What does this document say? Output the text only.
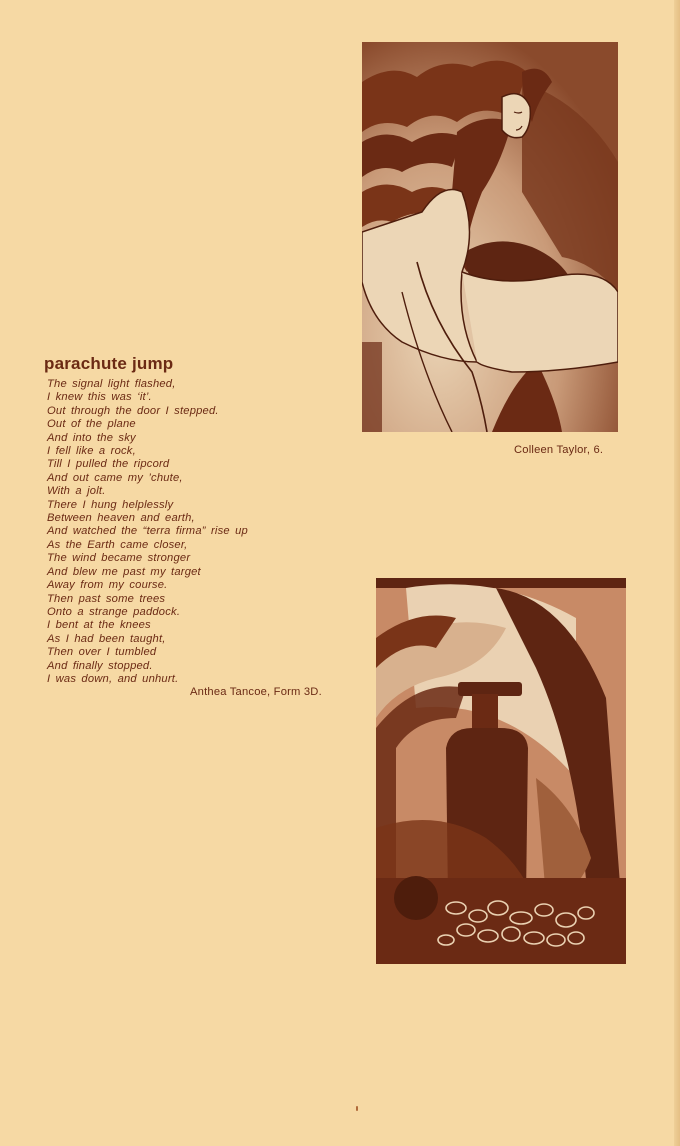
parachute jump
The signal light flashed,
I knew this was ‘it’.
Out through the door I stepped.
Out of the plane
And into the sky
I fell like a rock,
Till I pulled the ripcord
And out came my ’chute,
With a jolt.
There I hung helplessly
Between heaven and earth,
And watched the “terra firma” rise up
As the Earth came closer,
The wind became stronger
And blew me past my target
Away from my course.
Then past some trees
Onto a strange paddock.
I bent at the knees
As I had been taught,
Then over I tumbled
And finally stopped.
I was down, and unhurt.
Anthea Tancoe, Form 3D.
Colleen Taylor, 6.
